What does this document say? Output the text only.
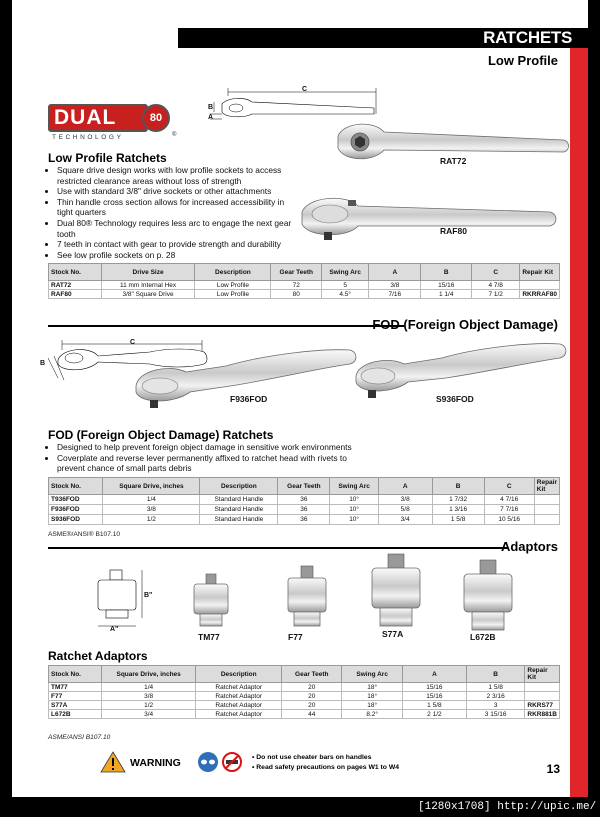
RATCHETS
Low Profile
DUAL	80
TECHNOLOGY	®
C
B
A
RAT72
RAF80
Low Profile Ratchets
• Square drive design works with low profile sockets to access restricted clearance areas without loss of strength
• Use with standard 3/8" drive sockets or other attachments
• Thin handle cross section allows for increased accessibility in tight quarters
• Dual 80® Technology requires less arc to engage the next gear tooth
• 7 teeth in contact with gear to provide strength and durability
• See low profile sockets on p. 28
Stock No.	Drive Size	Description	Gear Teeth	Swing Arc	A	B	C	Repair Kit
RAT72	11 mm Internal Hex	Low Profile	72	5	3/8	15/16	4 7/8	
RAF80	3/8" Square Drive	Low Profile	80	4.5°	7/16	1 1/4	7 1/2	RKRRAF80
FOD (Foreign Object Damage)
C
B
F936FOD	S936FOD
FOD (Foreign Object Damage) Ratchets
• Designed to help prevent foreign object damage in sensitive work environments
• Coverplate and reverse lever permanently affixed to ratchet head with rivets to prevent chance of small parts debris
Stock No.	Square Drive, inches	Description	Gear Teeth	Swing Arc	A	B	C	Repair Kit
T936FOD	1/4	Standard Handle	36	10°	3/8	1 7/32	4 7/16	
F936FOD	3/8	Standard Handle	36	10°	5/8	1 3/16	7 7/16	
S936FOD	1/2	Standard Handle	36	10°	3/4	1 5/8	10 5/16	
ASME®/ANSI® B107.10
Adaptors
B"
A"
TM77	F77	S77A	L672B
Ratchet Adaptors
Stock No.	Square Drive, inches	Description	Gear Teeth	Swing Arc	A	B	Repair Kit
TM77	1/4	Ratchet Adaptor	20	18°	15/16	1 5/8	
F77	3/8	Ratchet Adaptor	20	18°	15/16	2 3/16	
S77A	1/2	Ratchet Adaptor	20	18°	1 5/8	3	RKRS77
L672B	3/4	Ratchet Adaptor	44	8.2°	2 1/2	3 15/16	RKR881B
ASME/ANSI B107.10
WARNING	• Do not use cheater bars on handles
• Read safety precautions on pages W1 to W4	13
[1280x1708] http://upic.me/
